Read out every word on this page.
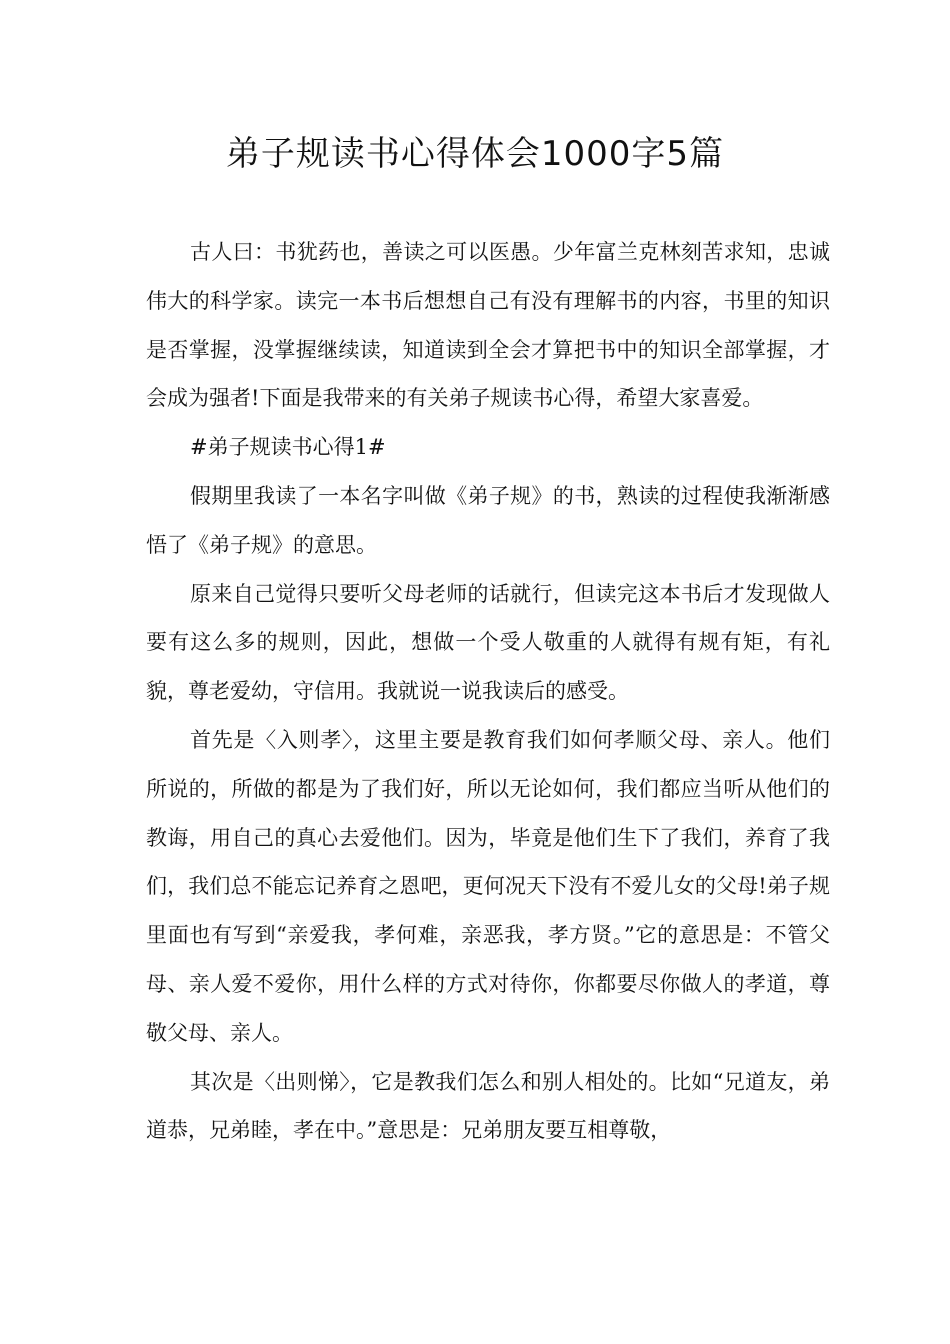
弟子规读书心得体会1000字5篇

古人曰：书犹药也，善读之可以医愚。少年富兰克林刻苦求知，忠诚伟大的科学家。读完一本书后想想自己有没有理解书的内容，书里的知识是否掌握，没掌握继续读，知道读到全会才算把书中的知识全部掌握，才会成为强者!下面是我带来的有关弟子规读书心得，希望大家喜爱。

#弟子规读书心得1#

假期里我读了一本名字叫做《弟子规》的书，熟读的过程使我渐渐感悟了《弟子规》的意思。

原来自己觉得只要听父母老师的话就行，但读完这本书后才发现做人要有这么多的规则，因此，想做一个受人敬重的人就得有规有矩，有礼貌，尊老爱幼，守信用。我就说一说我读后的感受。

首先是〈入则孝〉，这里主要是教育我们如何孝顺父母、亲人。他们所说的，所做的都是为了我们好，所以无论如何，我们都应当听从他们的教诲，用自己的真心去爱他们。因为，毕竟是他们生下了我们，养育了我们，我们总不能忘记养育之恩吧，更何况天下没有不爱儿女的父母!弟子规里面也有写到“亲爱我，孝何难，亲恶我，孝方贤。”它的意思是：不管父母、亲人爱不爱你，用什么样的方式对待你，你都要尽你做人的孝道，尊敬父母、亲人。

其次是〈出则悌〉，它是教我们怎么和别人相处的。比如“兄道友，弟道恭，兄弟睦，孝在中。”意思是：兄弟朋友要互相尊敬，
